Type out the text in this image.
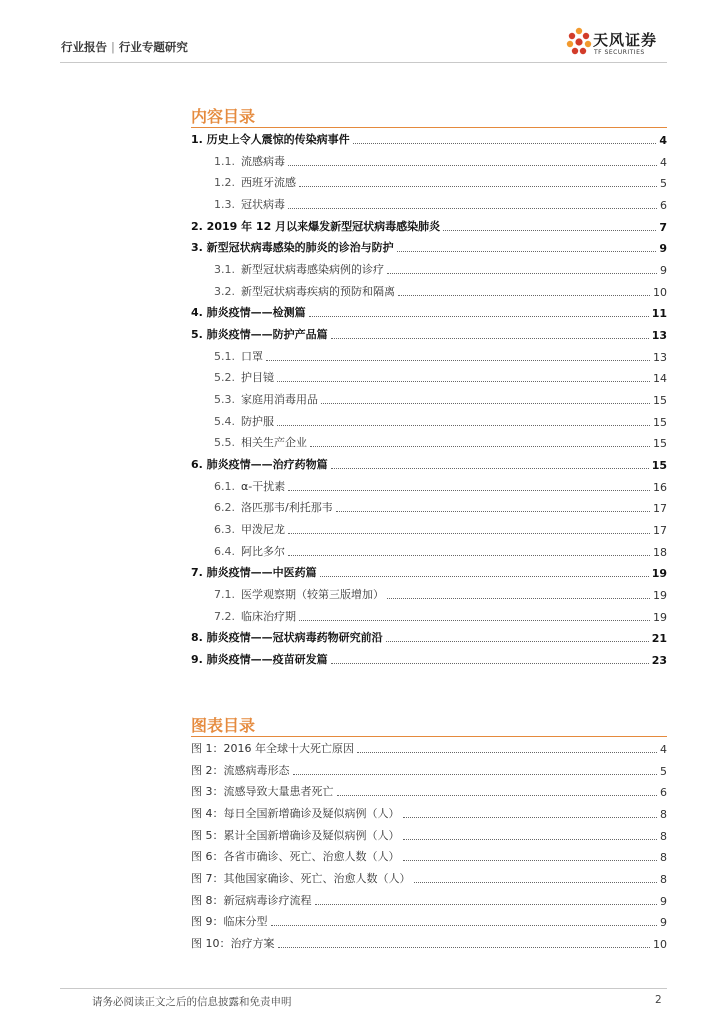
行业报告 | 行业专题研究	天风证券
TF SECURITIES
内容目录
1. 历史上令人震惊的传染病事件	4
1.1. 流感病毒	4
1.2. 西班牙流感	5
1.3. 冠状病毒	6
2. 2019 年 12 月以来爆发新型冠状病毒感染肺炎	7
3. 新型冠状病毒感染的肺炎的诊治与防护	9
3.1. 新型冠状病毒感染病例的诊疗	9
3.2. 新型冠状病毒疾病的预防和隔离	10
4. 肺炎疫情——检测篇	11
5. 肺炎疫情——防护产品篇	13
5.1. 口罩	13
5.2. 护目镜	14
5.3. 家庭用消毒用品	15
5.4. 防护服	15
5.5. 相关生产企业	15
6. 肺炎疫情——治疗药物篇	15
6.1. α-干扰素	16
6.2. 洛匹那韦/利托那韦	17
6.3. 甲泼尼龙	17
6.4. 阿比多尔	18
7. 肺炎疫情——中医药篇	19
7.1. 医学观察期（较第三版增加）	19
7.2. 临床治疗期	19
8. 肺炎疫情——冠状病毒药物研究前沿	21
9. 肺炎疫情——疫苗研发篇	23
图表目录
图 1：2016 年全球十大死亡原因	4
图 2：流感病毒形态	5
图 3：流感导致大量患者死亡	6
图 4：每日全国新增确诊及疑似病例（人）	8
图 5：累计全国新增确诊及疑似病例（人）	8
图 6：各省市确诊、死亡、治愈人数（人）	8
图 7：其他国家确诊、死亡、治愈人数（人）	8
图 8：新冠病毒诊疗流程	9
图 9：临床分型	9
图 10：治疗方案	10
请务必阅读正文之后的信息披露和免责申明	2
